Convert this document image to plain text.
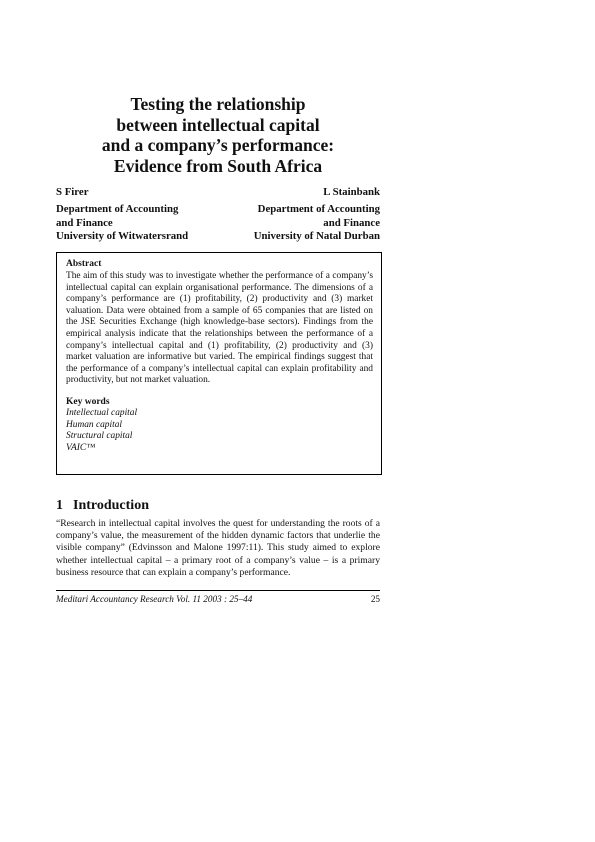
Testing the relationship
between intellectual capital
and a company’s performance:
Evidence from South Africa
S Firer
Department of Accounting
and Finance
University of Witwatersrand
L Stainbank
Department of Accounting
and Finance
University of Natal Durban
Abstract

The aim of this study was to investigate whether the performance of a company’s intellectual capital can explain organisational performance. The dimensions of a company’s performance are (1) profitability, (2) productivity and (3) market valuation. Data were obtained from a sample of 65 companies that are listed on the JSE Securities Exchange (high knowledge-base sectors). Findings from the empirical analysis indicate that the relationships between the performance of a company’s intellectual capital and (1) profitability, (2) productivity and (3) market valuation are informative but varied. The empirical findings suggest that the performance of a company’s intellectual capital can explain profitability and productivity, but not market valuation.

Key words
Intellectual capital
Human capital
Structural capital
VAIC™
1 Introduction

“Research in intellectual capital involves the quest for understanding the roots of a company’s value, the measurement of the hidden dynamic factors that underlie the visible company” (Edvinsson and Malone 1997:11). This study aimed to explore whether intellectual capital – a primary root of a company’s value – is a primary business resource that can explain a company’s performance.

Meditari Accountancy Research Vol. 11 2003 : 25–44	25
